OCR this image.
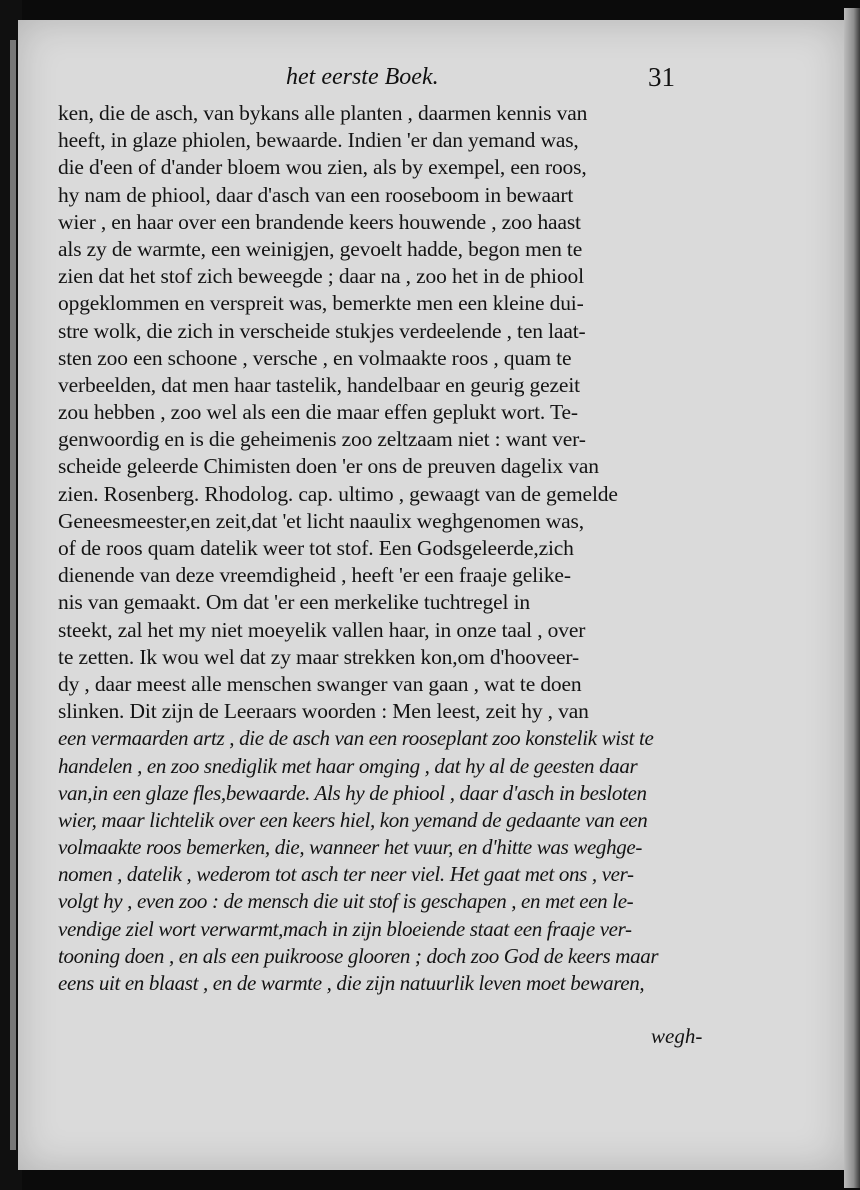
het eerste Boek.	31
ken, die de asch, van bykans alle planten , daarmen kennis van
heeft, in glaze phiolen, bewaarde. Indien 'er dan yemand was,
die d'een of d'ander bloem wou zien, als by exempel, een roos,
hy nam de phiool, daar d'asch van een rooseboom in bewaart
wier , en haar over een brandende keers houwende , zoo haast
als zy de warmte, een weinigjen, gevoelt hadde, begon men te
zien dat het stof zich beweegde ; daar na , zoo het in de phiool
opgeklommen en verspreit was, bemerkte men een kleine dui-
stre wolk, die zich in verscheide stukjes verdeelende , ten laat-
sten zoo een schoone , versche , en volmaakte roos , quam te
verbeelden, dat men haar tastelik, handelbaar en geurig gezeit
zou hebben , zoo wel als een die maar effen geplukt wort. Te-
genwoordig en is die geheimenis zoo zeltzaam niet : want ver-
scheide geleerde Chimisten doen 'er ons de preuven dagelix van
zien. Rosenberg. Rhodolog. cap. ultimo , gewaagt van de gemelde
Geneesmeester,en zeit,dat 'et licht naaulix weghgenomen was,
of de roos quam datelik weer tot stof. Een Godsgeleerde,zich
dienende van deze vreemdigheid , heeft 'er een fraaje gelike-
nis van gemaakt. Om dat 'er een merkelike tuchtregel in
steekt, zal het my niet moeyelik vallen haar, in onze taal , over
te zetten. Ik wou wel dat zy maar strekken kon,om d'hooveer-
dy , daar meest alle menschen swanger van gaan , wat te doen
slinken. Dit zijn de Leeraars woorden : Men leest, zeit hy , van
een vermaarden artz , die de asch van een rooseplant zoo konstelik wist te
handelen , en zoo snediglik met haar omging , dat hy al de geesten daar
van,in een glaze fles,bewaarde. Als hy de phiool , daar d'asch in besloten
wier, maar lichtelik over een keers hiel, kon yemand de gedaante van een
volmaakte roos bemerken, die, wanneer het vuur, en d'hitte was weghge-
nomen , datelik , wederom tot asch ter neer viel. Het gaat met ons , ver-
volgt hy , even zoo : de mensch die uit stof is geschapen , en met een le-
vendige ziel wort verwarmt,mach in zijn bloeiende staat een fraaje ver-
tooning doen , en als een puikroose glooren ; doch zoo God de keers maar
eens uit en blaast , en de warmte , die zijn natuurlik leven moet bewaren,
wegh-
